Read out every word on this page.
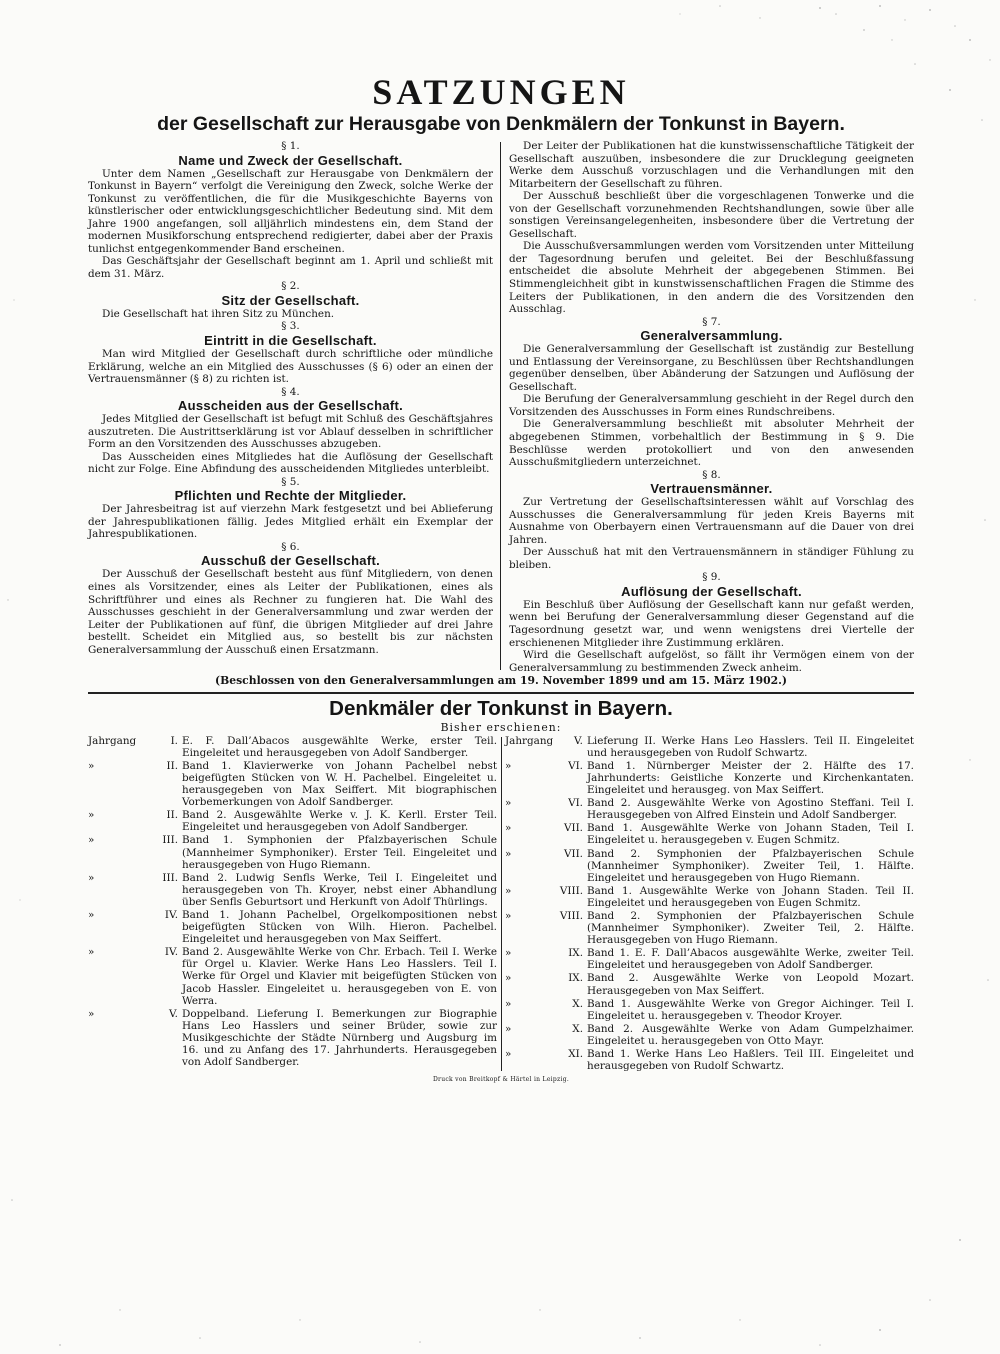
SATZUNGEN
der Gesellschaft zur Herausgabe von Denkmälern der Tonkunst in Bayern.
§ 1.
Name und Zweck der Gesellschaft.

Unter dem Namen „Gesellschaft zur Herausgabe von Denkmälern der Tonkunst in Bayern“ verfolgt die Vereinigung den Zweck, solche Werke der Tonkunst zu veröffentlichen, die für die Musikgeschichte Bayerns von künstlerischer oder entwicklungsgeschichtlicher Bedeutung sind. Mit dem Jahre 1900 angefangen, soll alljährlich mindestens ein, dem Stand der modernen Musikforschung entsprechend redigierter, dabei aber der Praxis tunlichst entgegenkommender Band erscheinen.

Das Geschäftsjahr der Gesellschaft beginnt am 1. April und schließt mit dem 31. März.

§ 2.
Sitz der Gesellschaft.

Die Gesellschaft hat ihren Sitz zu München.

§ 3.
Eintritt in die Gesellschaft.

Man wird Mitglied der Gesellschaft durch schriftliche oder mündliche Erklärung, welche an ein Mitglied des Ausschusses (§ 6) oder an einen der Vertrauensmänner (§ 8) zu richten ist.

§ 4.
Ausscheiden aus der Gesellschaft.

Jedes Mitglied der Gesellschaft ist befugt mit Schluß des Geschäftsjahres auszutreten. Die Austrittserklärung ist vor Ablauf desselben in schriftlicher Form an den Vorsitzenden des Ausschusses abzugeben.

Das Ausscheiden eines Mitgliedes hat die Auflösung der Gesellschaft nicht zur Folge. Eine Abfindung des ausscheidenden Mitgliedes unterbleibt.

§ 5.
Pflichten und Rechte der Mitglieder.

Der Jahresbeitrag ist auf vierzehn Mark festgesetzt und bei Ablieferung der Jahrespublikationen fällig. Jedes Mitglied erhält ein Exemplar der Jahrespublikationen.

§ 6.
Ausschuß der Gesellschaft.

Der Ausschuß der Gesellschaft besteht aus fünf Mitgliedern, von denen eines als Vorsitzender, eines als Leiter der Publikationen, eines als Schriftführer und eines als Rechner zu fungieren hat. Die Wahl des Ausschusses geschieht in der Generalversammlung und zwar werden der Leiter der Publikationen auf fünf, die übrigen Mitglieder auf drei Jahre bestellt. Scheidet ein Mitglied aus, so bestellt bis zur nächsten Generalversammlung der Ausschuß einen Ersatzmann.

Der Leiter der Publikationen hat die kunstwissenschaftliche Tätigkeit der Gesellschaft auszuüben, insbesondere die zur Drucklegung geeigneten Werke dem Ausschuß vorzuschlagen und die Verhandlungen mit den Mitarbeitern der Gesellschaft zu führen.

Der Ausschuß beschließt über die vorgeschlagenen Tonwerke und die von der Gesellschaft vorzunehmenden Rechtshandlungen, sowie über alle sonstigen Vereinsangelegenheiten, insbesondere über die Vertretung der Gesellschaft.

Die Ausschußversammlungen werden vom Vorsitzenden unter Mitteilung der Tagesordnung berufen und geleitet. Bei der Beschlußfassung entscheidet die absolute Mehrheit der abgegebenen Stimmen. Bei Stimmengleichheit gibt in kunstwissenschaftlichen Fragen die Stimme des Leiters der Publikationen, in den andern die des Vorsitzenden den Ausschlag.

§ 7.
Generalversammlung.

Die Generalversammlung der Gesellschaft ist zuständig zur Bestellung und Entlassung der Vereinsorgane, zu Beschlüssen über Rechtshandlungen gegenüber denselben, über Abänderung der Satzungen und Auflösung der Gesellschaft.

Die Berufung der Generalversammlung geschieht in der Regel durch den Vorsitzenden des Ausschusses in Form eines Rundschreibens.

Die Generalversammlung beschließt mit absoluter Mehrheit der abgegebenen Stimmen, vorbehaltlich der Bestimmung in § 9. Die Beschlüsse werden protokolliert und von den anwesenden Ausschußmitgliedern unterzeichnet.

§ 8.
Vertrauensmänner.

Zur Vertretung der Gesellschaftsinteressen wählt auf Vorschlag des Ausschusses die Generalversammlung für jeden Kreis Bayerns mit Ausnahme von Oberbayern einen Vertrauensmann auf die Dauer von drei Jahren.

Der Ausschuß hat mit den Vertrauensmännern in ständiger Fühlung zu bleiben.

§ 9.
Auflösung der Gesellschaft.

Ein Beschluß über Auflösung der Gesellschaft kann nur gefaßt werden, wenn bei Berufung der Generalversammlung dieser Gegenstand auf die Tagesordnung gesetzt war, und wenn wenigstens drei Viertelle der erschienenen Mitglieder ihre Zustimmung erklären.

Wird die Gesellschaft aufgelöst, so fällt ihr Vermögen einem von der Generalversammlung zu bestimmenden Zweck anheim.

(Beschlossen von den Generalversammlungen am 19. November 1899 und am 15. März 1902.)
Denkmäler der Tonkunst in Bayern.
Bisher erschienen:
Jahrgang	I. E. F. Dall’Abacos ausgewählte Werke, erster Teil. Eingeleitet und herausgegeben von Adolf Sandberger.
»	II. Band 1. Klavierwerke von Johann Pachelbel nebst beigefügten Stücken von W. H. Pachelbel. Eingeleitet u. herausgegeben von Max Seiffert. Mit biographischen Vorbemerkungen von Adolf Sandberger.
»	II. Band 2. Ausgewählte Werke v. J. K. Kerll. Erster Teil. Eingeleitet und herausgegeben von Adolf Sandberger.
»	III. Band 1. Symphonien der Pfalzbayerischen Schule (Mannheimer Symphoniker). Erster Teil. Eingeleitet und herausgegeben von Hugo Riemann.
»	III. Band 2. Ludwig Senfls Werke, Teil I. Eingeleitet und herausgegeben von Th. Kroyer, nebst einer Abhandlung über Senfls Geburtsort und Herkunft von Adolf Thürlings.
»	IV. Band 1. Johann Pachelbel, Orgelkompositionen nebst beigefügten Stücken von Wilh. Hieron. Pachelbel. Eingeleitet und herausgegeben von Max Seiffert.
»	IV. Band 2. Ausgewählte Werke von Chr. Erbach. Teil I. Werke für Orgel u. Klavier. Werke Hans Leo Hasslers. Teil I. Werke für Orgel und Klavier mit beigefügten Stücken von Jacob Hassler. Eingeleitet u. herausgegeben von E. von Werra.
»	V. Doppelband. Lieferung I. Bemerkungen zur Biographie Hans Leo Hasslers und seiner Brüder, sowie zur Musikgeschichte der Städte Nürnberg und Augsburg im 16. und zu Anfang des 17. Jahrhunderts. Herausgegeben von Adolf Sandberger.
Jahrgang	V. Lieferung II. Werke Hans Leo Hasslers. Teil II. Eingeleitet und herausgegeben von Rudolf Schwartz.
»	VI. Band 1. Nürnberger Meister der 2. Hälfte des 17. Jahrhunderts: Geistliche Konzerte und Kirchenkantaten. Eingeleitet und herausgeg. von Max Seiffert.
»	VI. Band 2. Ausgewählte Werke von Agostino Steffani. Teil I. Herausgegeben von Alfred Einstein und Adolf Sandberger.
»	VII. Band 1. Ausgewählte Werke von Johann Staden, Teil I. Eingeleitet u. herausgegeben v. Eugen Schmitz.
»	VII. Band 2. Symphonien der Pfalzbayerischen Schule (Mannheimer Symphoniker). Zweiter Teil, 1. Hälfte. Eingeleitet und herausgegeben von Hugo Riemann.
»	VIII. Band 1. Ausgewählte Werke von Johann Staden. Teil II. Eingeleitet und herausgegeben von Eugen Schmitz.
»	VIII. Band 2. Symphonien der Pfalzbayerischen Schule (Mannheimer Symphoniker). Zweiter Teil, 2. Hälfte. Herausgegeben von Hugo Riemann.
»	IX. Band 1. E. F. Dall’Abacos ausgewählte Werke, zweiter Teil. Eingeleitet und herausgegeben von Adolf Sandberger.
»	IX. Band 2. Ausgewählte Werke von Leopold Mozart. Herausgegeben von Max Seiffert.
»	X. Band 1. Ausgewählte Werke von Gregor Aichinger. Teil I. Eingeleitet u. herausgegeben v. Theodor Kroyer.
»	X. Band 2. Ausgewählte Werke von Adam Gumpelzhaimer. Eingeleitet u. herausgegeben von Otto Mayr.
»	XI. Band 1. Werke Hans Leo Haßlers. Teil III. Eingeleitet und herausgegeben von Rudolf Schwartz.
Druck von Breitkopf & Härtel in Leipzig.
